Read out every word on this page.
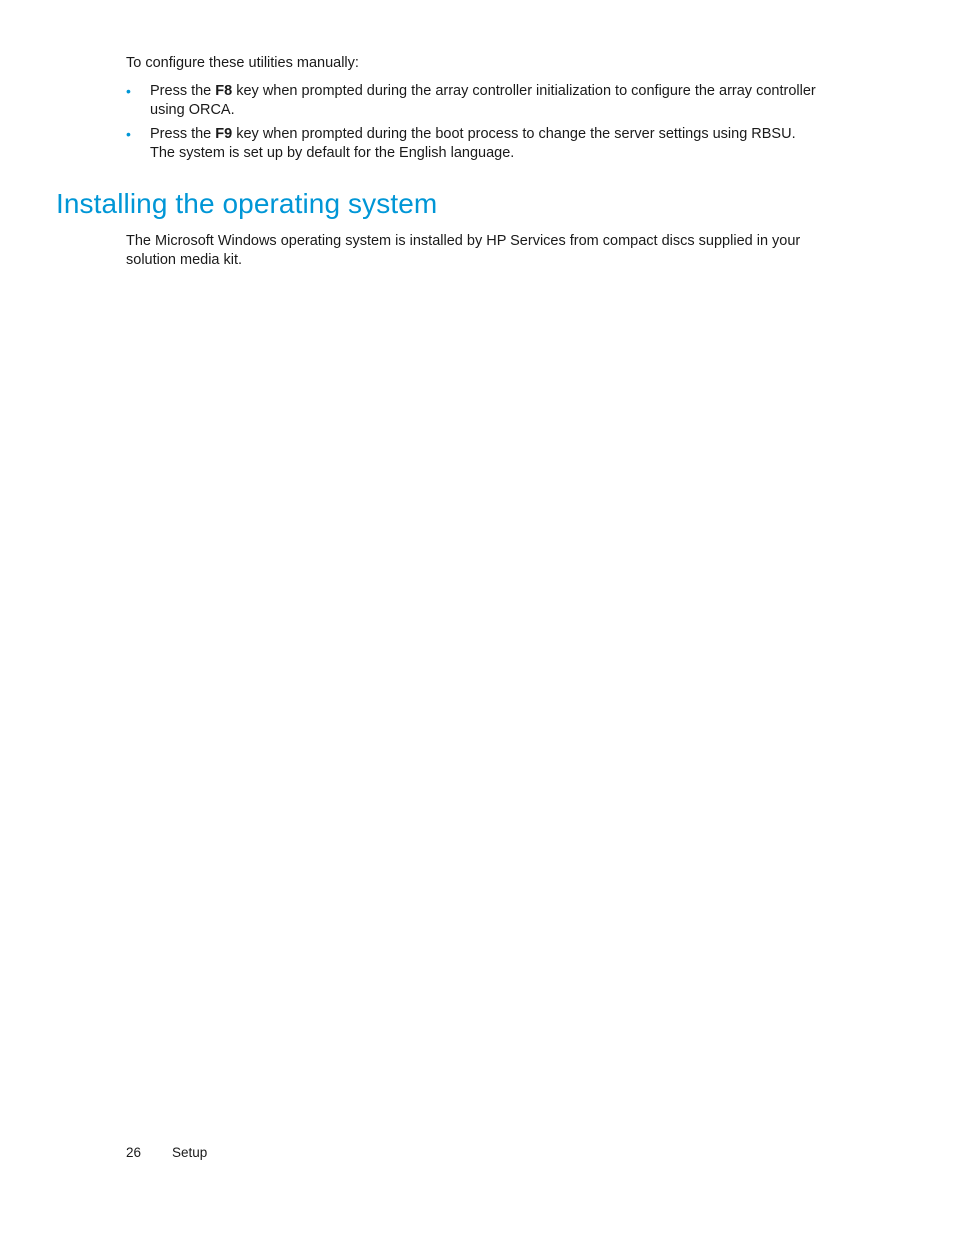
To configure these utilities manually:

• Press the F8 key when prompted during the array controller initialization to configure the array controller using ORCA.
• Press the F9 key when prompted during the boot process to change the server settings using RBSU. The system is set up by default for the English language.
Installing the operating system

The Microsoft Windows operating system is installed by HP Services from compact discs supplied in your solution media kit.

26 Setup
